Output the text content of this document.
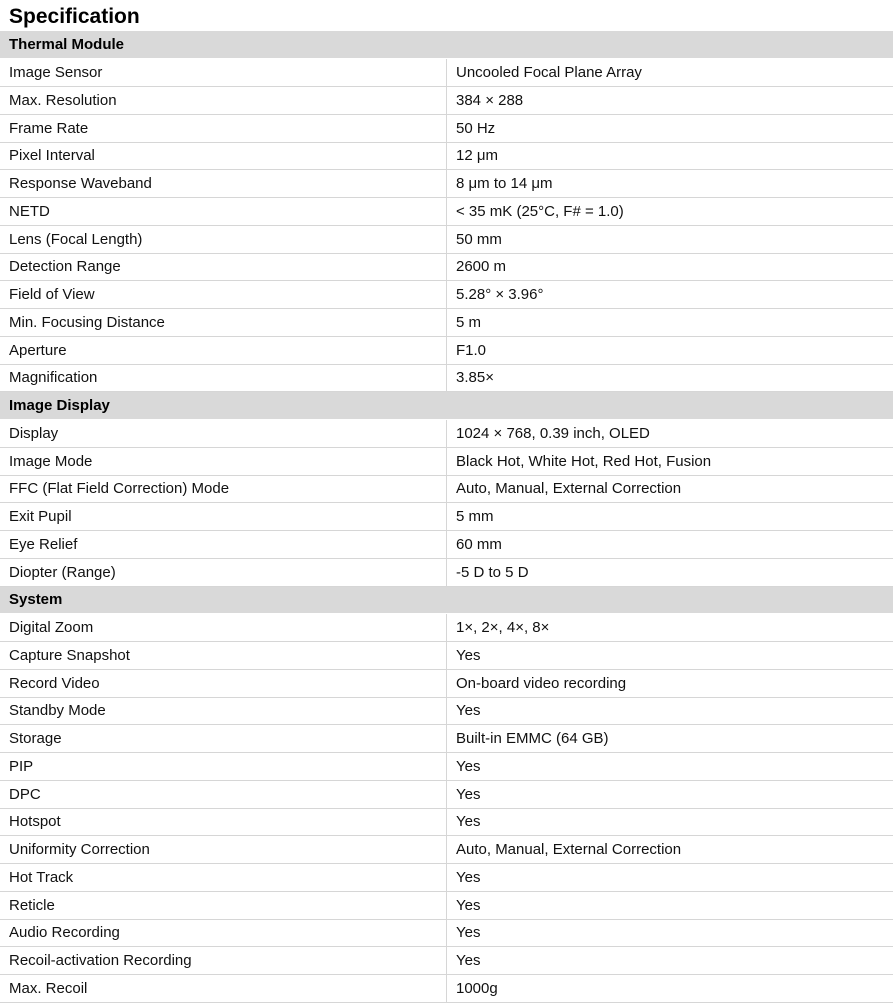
Specification
Thermal Module	
Image Sensor	Uncooled Focal Plane Array
Max. Resolution	384 × 288
Frame Rate	50 Hz
Pixel Interval	12 μm
Response Waveband	8 μm to 14 μm
NETD	< 35 mK (25°C, F# = 1.0)
Lens (Focal Length)	50 mm
Detection Range	2600 m
Field of View	5.28° × 3.96°
Min. Focusing Distance	5 m
Aperture	F1.0
Magnification	3.85×
Image Display	
Display	1024 × 768, 0.39 inch, OLED
Image Mode	Black Hot, White Hot, Red Hot, Fusion
FFC (Flat Field Correction) Mode	Auto, Manual, External Correction
Exit Pupil	5 mm
Eye Relief	60 mm
Diopter (Range)	-5 D to 5 D
System	
Digital Zoom	1×, 2×, 4×, 8×
Capture Snapshot	Yes
Record Video	On-board video recording
Standby Mode	Yes
Storage	Built-in EMMC (64 GB)
PIP	Yes
DPC	Yes
Hotspot	Yes
Uniformity Correction	Auto, Manual, External Correction
Hot Track	Yes
Reticle	Yes
Audio Recording	Yes
Recoil-activation Recording	Yes
Max. Recoil	1000g
